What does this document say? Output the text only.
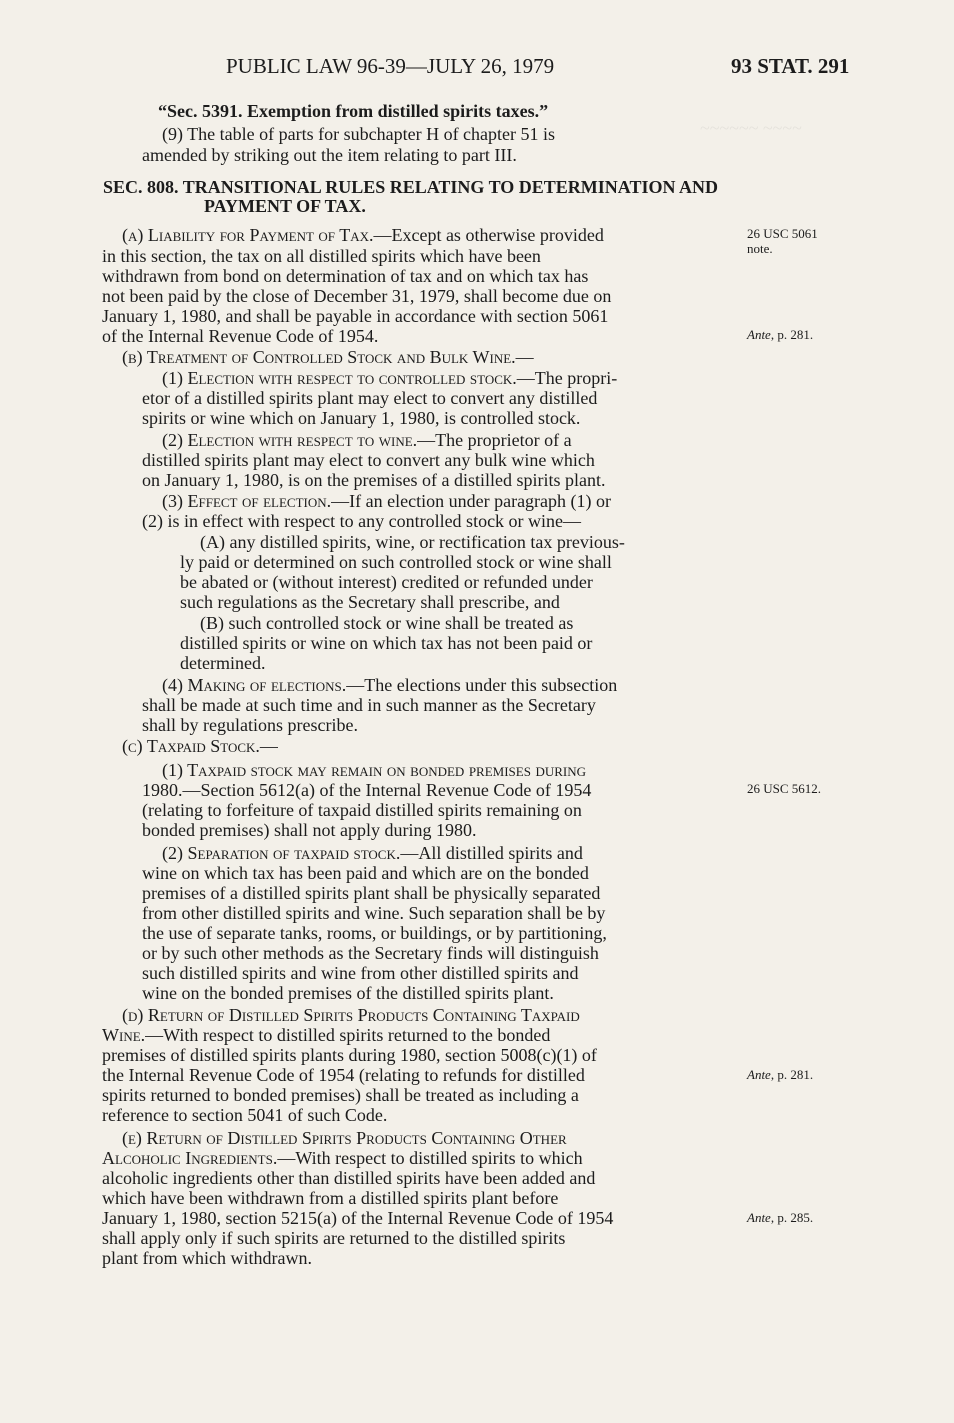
~~~~~~ ~~~~
PUBLIC LAW 96-39—JULY 26, 1979	93 STAT. 291
“Sec. 5391. Exemption from distilled spirits taxes.”
(9) The table of parts for subchapter H of chapter 51 is
amended by striking out the item relating to part III.
SEC. 808. TRANSITIONAL RULES RELATING TO DETERMINATION AND
PAYMENT OF TAX.
(a) Liability for Payment of Tax.—Except as otherwise provided
in this section, the tax on all distilled spirits which have been
withdrawn from bond on determination of tax and on which tax has
not been paid by the close of December 31, 1979, shall become due on
January 1, 1980, and shall be payable in accordance with section 5061
of the Internal Revenue Code of 1954.
(b) Treatment of Controlled Stock and Bulk Wine.—
(1) Election with respect to controlled stock.—The propri-
etor of a distilled spirits plant may elect to convert any distilled
spirits or wine which on January 1, 1980, is controlled stock.
(2) Election with respect to wine.—The proprietor of a
distilled spirits plant may elect to convert any bulk wine which
on January 1, 1980, is on the premises of a distilled spirits plant.
(3) Effect of election.—If an election under paragraph (1) or
(2) is in effect with respect to any controlled stock or wine—
(A) any distilled spirits, wine, or rectification tax previous-
ly paid or determined on such controlled stock or wine shall
be abated or (without interest) credited or refunded under
such regulations as the Secretary shall prescribe, and
(B) such controlled stock or wine shall be treated as
distilled spirits or wine on which tax has not been paid or
determined.
(4) Making of elections.—The elections under this subsection
shall be made at such time and in such manner as the Secretary
shall by regulations prescribe.
(c) Taxpaid Stock.—
(1) Taxpaid stock may remain on bonded premises during
1980.—Section 5612(a) of the Internal Revenue Code of 1954
(relating to forfeiture of taxpaid distilled spirits remaining on
bonded premises) shall not apply during 1980.
(2) Separation of taxpaid stock.—All distilled spirits and
wine on which tax has been paid and which are on the bonded
premises of a distilled spirits plant shall be physically separated
from other distilled spirits and wine. Such separation shall be by
the use of separate tanks, rooms, or buildings, or by partitioning,
or by such other methods as the Secretary finds will distinguish
such distilled spirits and wine from other distilled spirits and
wine on the bonded premises of the distilled spirits plant.
(d) Return of Distilled Spirits Products Containing Taxpaid
Wine.—With respect to distilled spirits returned to the bonded
premises of distilled spirits plants during 1980, section 5008(c)(1) of
the Internal Revenue Code of 1954 (relating to refunds for distilled
spirits returned to bonded premises) shall be treated as including a
reference to section 5041 of such Code.
(e) Return of Distilled Spirits Products Containing Other
Alcoholic Ingredients.—With respect to distilled spirits to which
alcoholic ingredients other than distilled spirits have been added and
which have been withdrawn from a distilled spirits plant before
January 1, 1980, section 5215(a) of the Internal Revenue Code of 1954
shall apply only if such spirits are returned to the distilled spirits
plant from which withdrawn.
26 USC 5061
note.
Ante, p. 281.
26 USC 5612.
Ante, p. 281.
Ante, p. 285.
